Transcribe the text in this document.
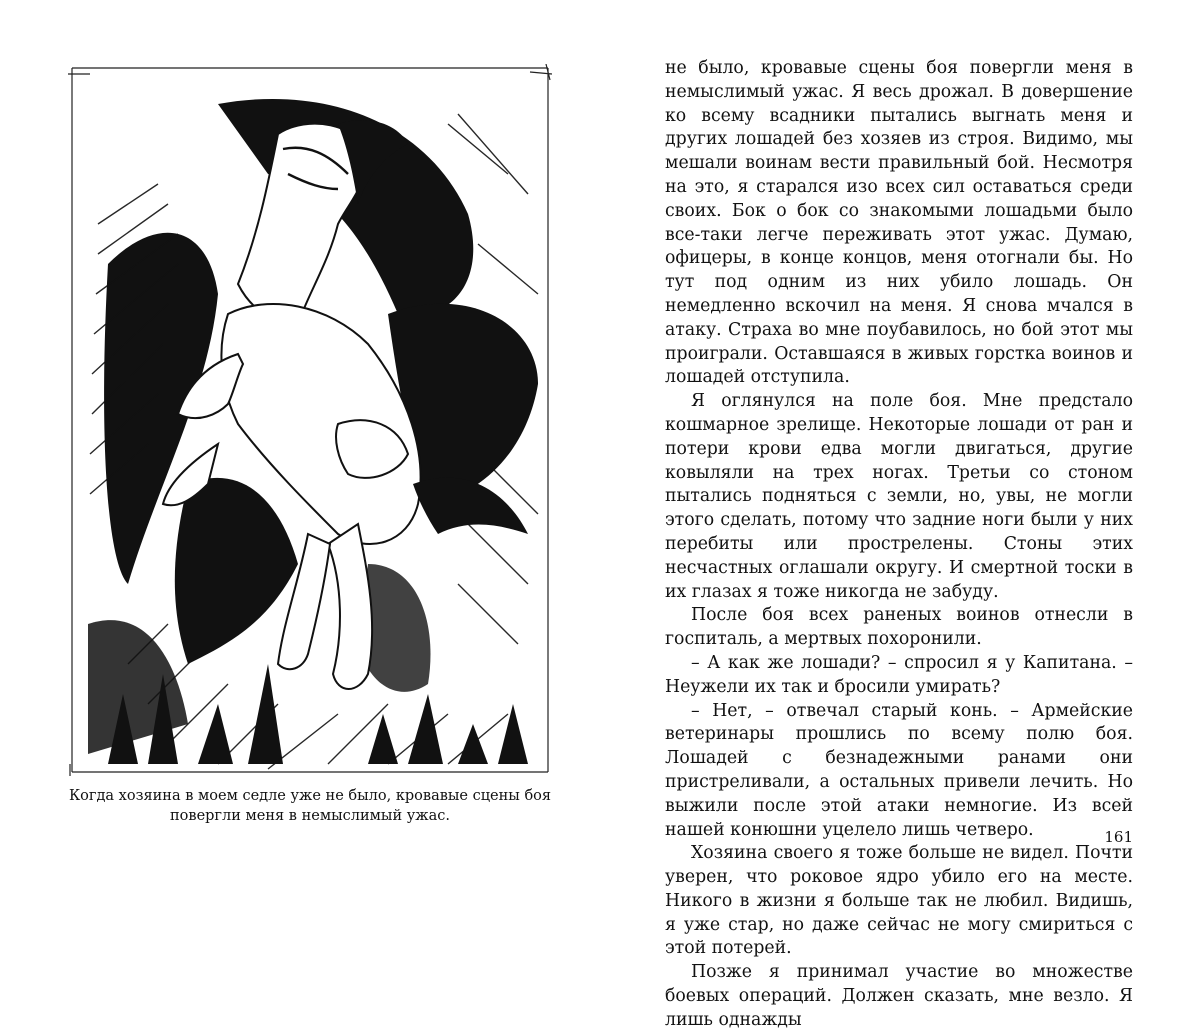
Когда хозяина в моем седле уже не было, кровавые сцены боя повергли меня в немыслимый ужас.

не было, кровавые сцены боя повергли меня в немыслимый ужас. Я весь дрожал. В довершение ко всему всадники пытались выгнать меня и других лошадей без хозяев из строя. Видимо, мы мешали воинам вести правильный бой. Несмотря на это, я старался изо всех сил оставаться среди своих. Бок о бок со знакомыми лошадьми было все-таки легче переживать этот ужас. Думаю, офицеры, в конце концов, меня отогнали бы. Но тут под одним из них убило лошадь. Он немедленно вскочил на меня. Я снова мчался в атаку. Страха во мне поубавилось, но бой этот мы проиграли. Оставшаяся в живых горстка воинов и лошадей отступила.

Я оглянулся на поле боя. Мне предстало кошмарное зрелище. Некоторые лошади от ран и потери крови едва могли двигаться, другие ковыляли на трех ногах. Третьи со стоном пытались подняться с земли, но, увы, не могли этого сделать, потому что задние ноги были у них перебиты или прострелены. Стоны этих несчастных оглашали округу. И смертной тоски в их глазах я тоже никогда не забуду.

После боя всех раненых воинов отнесли в госпиталь, а мертвых похоронили.

– А как же лошади? – спросил я у Капитана. – Неужели их так и бросили умирать?

– Нет, – отвечал старый конь. – Армейские ветеринары прошлись по всему полю боя. Лошадей с безнадежными ранами они пристреливали, а остальных привели лечить. Но выжили после этой атаки немногие. Из всей нашей конюшни уцелело лишь четверо.

Хозяина своего я тоже больше не видел. Почти уверен, что роковое ядро убило его на месте. Никого в жизни я больше так не любил. Видишь, я уже стар, но даже сейчас не могу смириться с этой потерей.

Позже я принимал участие во множестве боевых операций. Должен сказать, мне везло. Я лишь однажды

161
